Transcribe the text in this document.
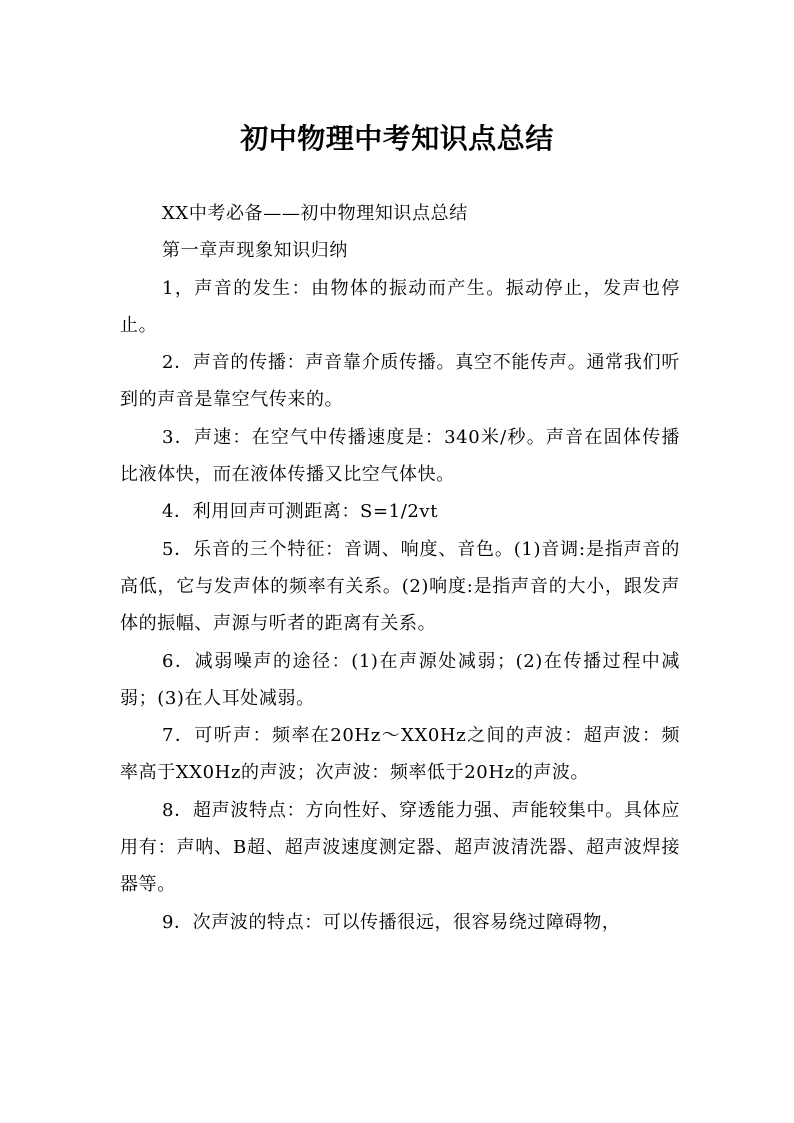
初中物理中考知识点总结

XX中考必备——初中物理知识点总结

第一章声现象知识归纳

1，声音的发生：由物体的振动而产生。振动停止，发声也停止。

2．声音的传播：声音靠介质传播。真空不能传声。通常我们听到的声音是靠空气传来的。

3．声速：在空气中传播速度是：340米/秒。声音在固体传播比液体快，而在液体传播又比空气体快。

4．利用回声可测距离：S=1/2vt

5．乐音的三个特征：音调、响度、音色。(1)音调:是指声音的高低，它与发声体的频率有关系。(2)响度:是指声音的大小，跟发声体的振幅、声源与听者的距离有关系。

6．减弱噪声的途径：(1)在声源处减弱；(2)在传播过程中减弱；(3)在人耳处减弱。

7．可听声：频率在20Hz～XX0Hz之间的声波：超声波：频率高于XX0Hz的声波；次声波：频率低于20Hz的声波。

8．超声波特点：方向性好、穿透能力强、声能较集中。具体应用有：声呐、B超、超声波速度测定器、超声波清洗器、超声波焊接器等。

9．次声波的特点：可以传播很远，很容易绕过障碍物，
